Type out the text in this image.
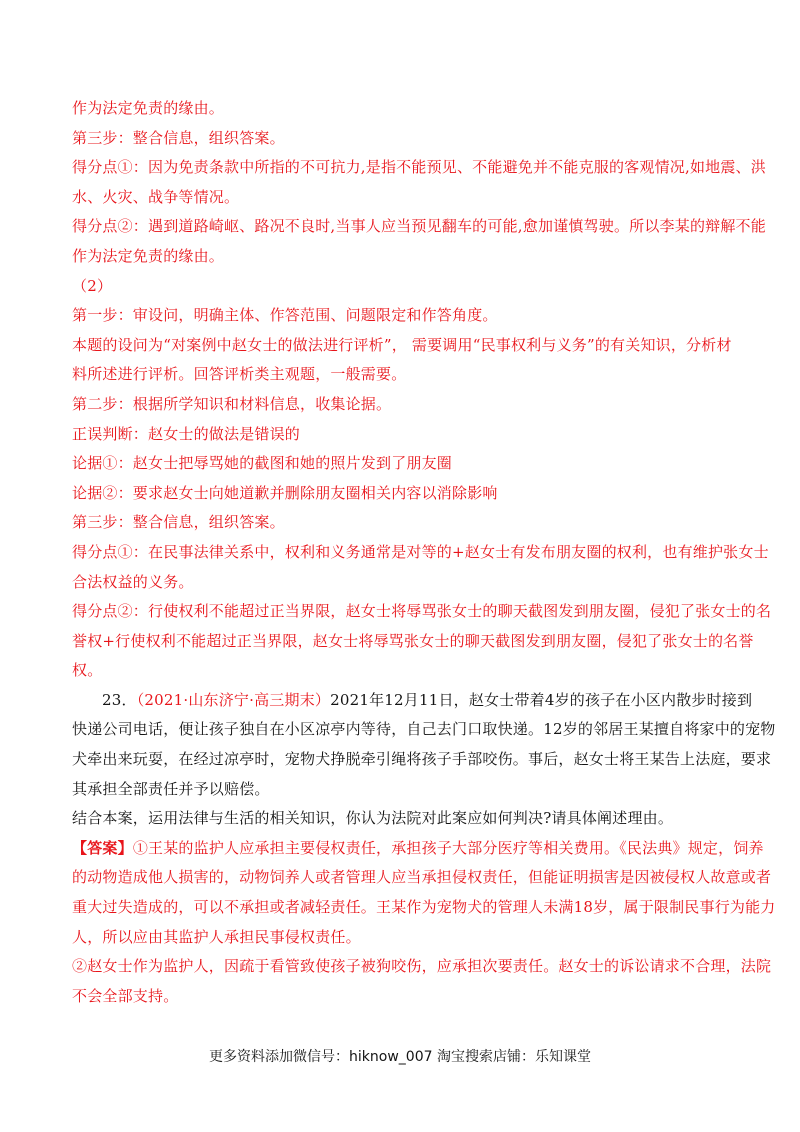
作为法定免责的缘由。
第三步：整合信息，组织答案。
得分点①：因为免责条款中所指的不可抗力,是指不能预见、不能避免并不能克服的客观情况,如地震、洪
水、火灾、战争等情况。
得分点②：遇到道路崎岖、路况不良时,当事人应当预见翻车的可能,愈加谨慎驾驶。所以李某的辩解不能
作为法定免责的缘由。
（2）
第一步：审设问，明确主体、作答范围、问题限定和作答角度。
本题的设问为“对案例中赵女士的做法进行评析”， 需要调用“民事权利与义务”的有关知识，分析材
料所述进行评析。回答评析类主观题，一般需要。
第二步：根据所学知识和材料信息，收集论据。
正误判断：赵女士的做法是错误的
论据①：赵女士把辱骂她的截图和她的照片发到了朋友圈
论据②：要求赵女士向她道歉并删除朋友圈相关内容以消除影响
第三步：整合信息，组织答案。
得分点①：在民事法律关系中，权利和义务通常是对等的+赵女士有发布朋友圈的权利，也有维护张女士
合法权益的义务。
得分点②：行使权利不能超过正当界限，赵女士将辱骂张女士的聊天截图发到朋友圈，侵犯了张女士的名
誉权+行使权利不能超过正当界限，赵女士将辱骂张女士的聊天截图发到朋友圈，侵犯了张女士的名誉
权。
23．（2021·山东济宁·高三期末）2021年12月11日，赵女士带着4岁的孩子在小区内散步时接到
快递公司电话，便让孩子独自在小区凉亭内等待，自己去门口取快递。12岁的邻居王某擅自将家中的宠物
犬牵出来玩耍，在经过凉亭时，宠物犬挣脱牵引绳将孩子手部咬伤。事后，赵女士将王某告上法庭，要求
其承担全部责任并予以赔偿。
结合本案，运用法律与生活的相关知识，你认为法院对此案应如何判决?请具体阐述理由。
【答案】①王某的监护人应承担主要侵权责任，承担孩子大部分医疗等相关费用。《民法典》规定，饲养
的动物造成他人损害的，动物饲养人或者管理人应当承担侵权责任，但能证明损害是因被侵权人故意或者
重大过失造成的，可以不承担或者减轻责任。王某作为宠物犬的管理人未满18岁，属于限制民事行为能力
人，所以应由其监护人承担民事侵权责任。
②赵女士作为监护人，因疏于看管致使孩子被狗咬伤，应承担次要责任。赵女士的诉讼请求不合理，法院
不会全部支持。
更多资料添加微信号：hiknow_007 淘宝搜索店铺：乐知课堂
